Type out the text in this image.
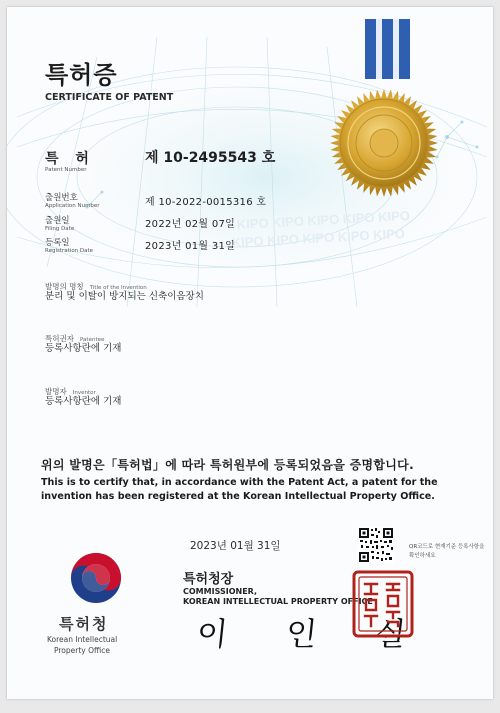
KIPO KIPO KIPO KIPO KIPO
KIPO KIPO KIPO KIPO KIPO
특허증
CERTIFICATE OF PATENT
특 허
Patent Number
제 10-2495543 호
출원번호
Application Number	제 10-2022-0015316 호
출원일
Filing Date	2022년 02월 07일
등록일
Registration Date	2023년 01월 31일
발명의 명칭 Title of the Invention
분리 및 이탈이 방지되는 신축이음장치
특허권자 Patentee
등록사항란에 기재
발명자 Inventor
등록사항란에 기재
위의 발명은「특허법」에 따라 특허원부에 등록되었음을 증명합니다.
This is to certify that, in accordance with the Patent Act, a patent for the
invention has been registered at the Korean Intellectual Property Office.
2023년 01월 31일	QR코드로 현재기준 등록사항을 확인하세요
특허청장
COMMISSIONER,
KOREAN INTELLECTUAL PROPERTY OFFICE
이 인 실
특허청
Korean Intellectual
Property Office
